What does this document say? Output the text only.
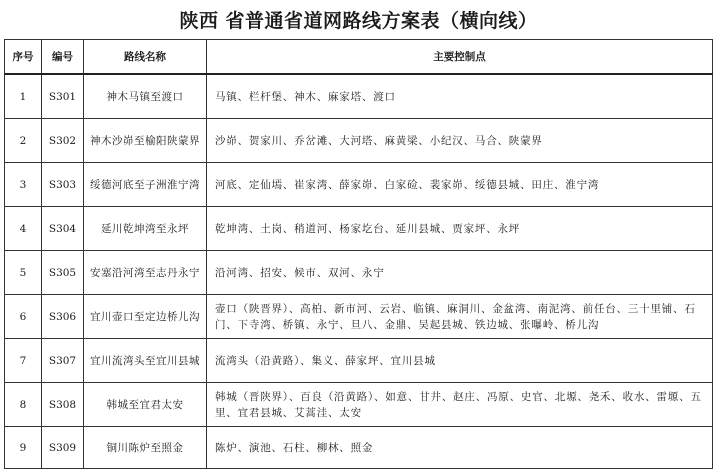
陕西 省普通省道网路线方案表（横向线）
序号	编号	路线名称	主要控制点
1	S301	神木马镇至渡口	马镇、栏杆堡、神木、麻家塔、渡口
2	S302	神木沙峁至榆阳陕蒙界	沙峁、贺家川、乔岔滩、大河塔、麻黄梁、小纪汉、马合、陕蒙界
3	S303	绥德河底至子洲淮宁湾	河底、定仙墕、崔家湾、薛家峁、白家硷、裴家峁、绥德县城、田庄、淮宁湾
4	S304	延川乾坤湾至永坪	乾坤湾、土岗、稍道河、杨家圪台、延川县城、贾家坪、永坪
5	S305	安塞沿河湾至志丹永宁	沿河湾、招安、候市、双河、永宁
6	S306	宜川壶口至定边桥儿沟	壶口（陕晋界）、高柏、新市河、云岩、临镇、麻洞川、金盆湾、南泥湾、前任台、三十里铺、石门、下寺湾、桥镇、永宁、旦八、金鼎、吴起县城、铁边城、张曝岭、桥儿沟
7	S307	宜川流湾头至宜川县城	流湾头（沿黄路）、集义、薛家坪、宜川县城
8	S308	韩城至宜君太安	韩城（晋陕界）、百良（沿黄路）、如意、甘井、赵庄、冯原、史官、北塬、尧禾、收水、雷塬、五里、宜君县城、艾蒿洼、太安
9	S309	铜川陈炉至照金	陈炉、演池、石柱、柳林、照金
